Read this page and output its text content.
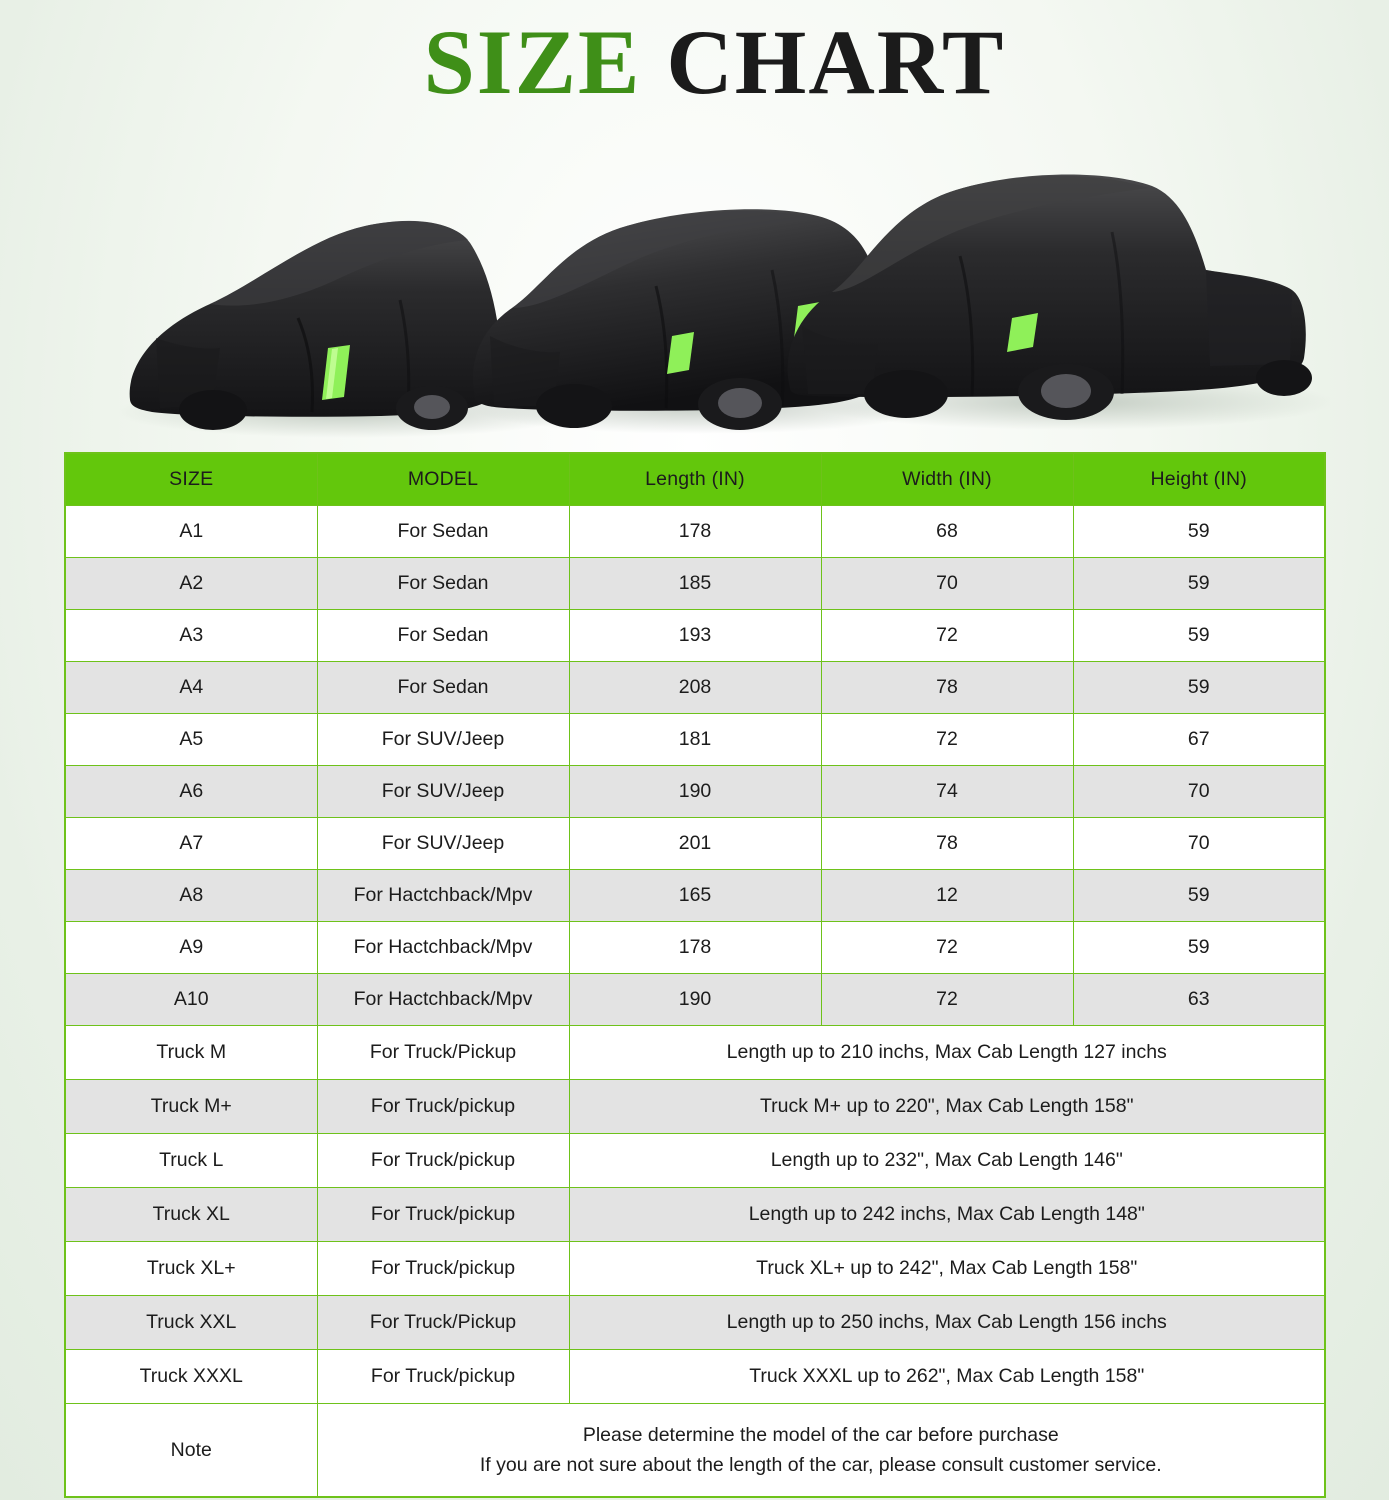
SIZE CHART
SIZE	MODEL	Length (IN)	Width (IN)	Height (IN)
A1	For Sedan	178	68	59
A2	For Sedan	185	70	59
A3	For Sedan	193	72	59
A4	For Sedan	208	78	59
A5	For SUV/Jeep	181	72	67
A6	For SUV/Jeep	190	74	70
A7	For SUV/Jeep	201	78	70
A8	For Hactchback/Mpv	165	12	59
A9	For Hactchback/Mpv	178	72	59
A10	For Hactchback/Mpv	190	72	63
Truck M	For Truck/Pickup	Length up to 210 inchs, Max Cab Length 127 inchs		
Truck M+	For Truck/pickup	Truck M+ up to 220", Max Cab Length 158"		
Truck L	For Truck/pickup	Length up to 232", Max Cab Length 146"		
Truck XL	For Truck/pickup	Length up to 242 inchs, Max Cab Length 148"		
Truck XL+	For Truck/pickup	Truck XL+ up to 242", Max Cab Length 158"		
Truck XXL	For Truck/Pickup	Length up to 250 inchs, Max Cab Length 156 inchs		
Truck XXXL	For Truck/pickup	Truck XXXL up to 262", Max Cab Length 158"		
Note	Please determine the model of the car before purchase
If you are not sure about the length of the car, please consult customer service.			
